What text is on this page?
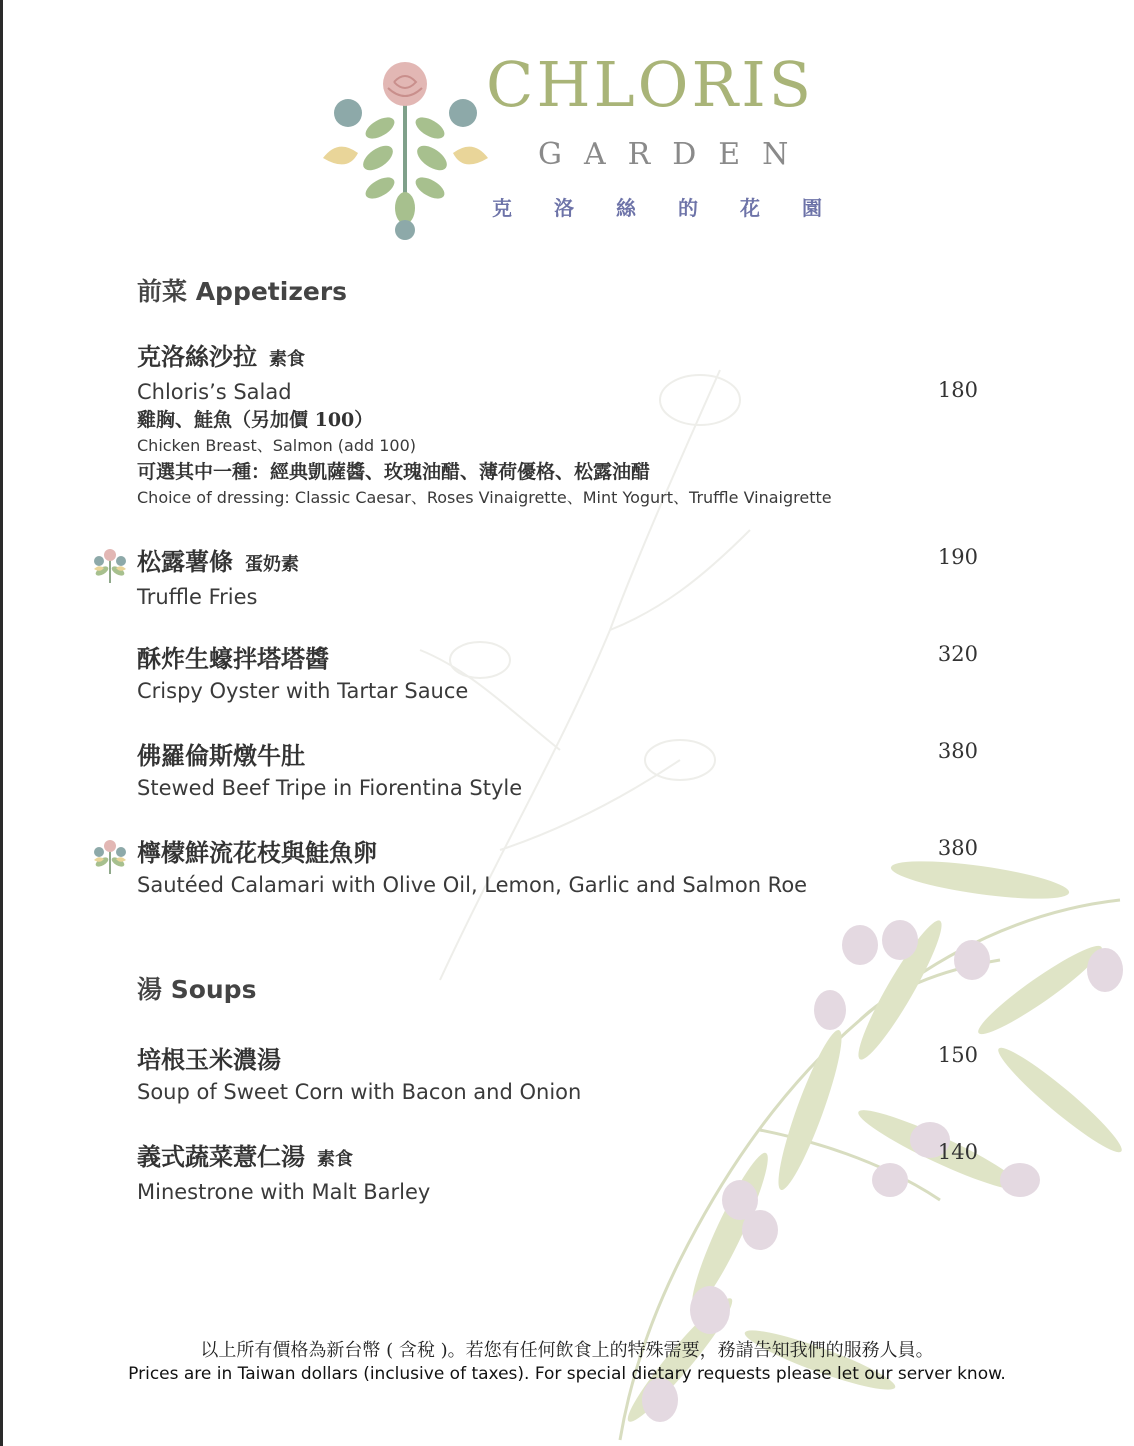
CHLORIS
GARDEN
克洛絲的花園
前菜 Appetizers
克洛絲沙拉 素食
Chloris’s Salad
雞胸、鮭魚（另加價 100）
Chicken Breast、Salmon (add 100)
可選其中一種：經典凱薩醬、玫瑰油醋、薄荷優格、松露油醋
Choice of dressing: Classic Caesar、Roses Vinaigrette、Mint Yogurt、Truffle Vinaigrette
180
松露薯條 蛋奶素
Truffle Fries
190
酥炸生蠔拌塔塔醬
Crispy Oyster with Tartar Sauce
320
佛羅倫斯燉牛肚
Stewed Beef Tripe in Fiorentina Style
380
檸檬鮮流花枝與鮭魚卵
Sautéed Calamari with Olive Oil, Lemon, Garlic and Salmon Roe
380
湯 Soups
培根玉米濃湯
Soup of Sweet Corn with Bacon and Onion
150
義式蔬菜薏仁湯 素食
Minestrone with Malt Barley
140
以上所有價格為新台幣 ( 含稅 )。若您有任何飲食上的特殊需要，務請告知我們的服務人員。
Prices are in Taiwan dollars (inclusive of taxes). For special dietary requests please let our server know.
